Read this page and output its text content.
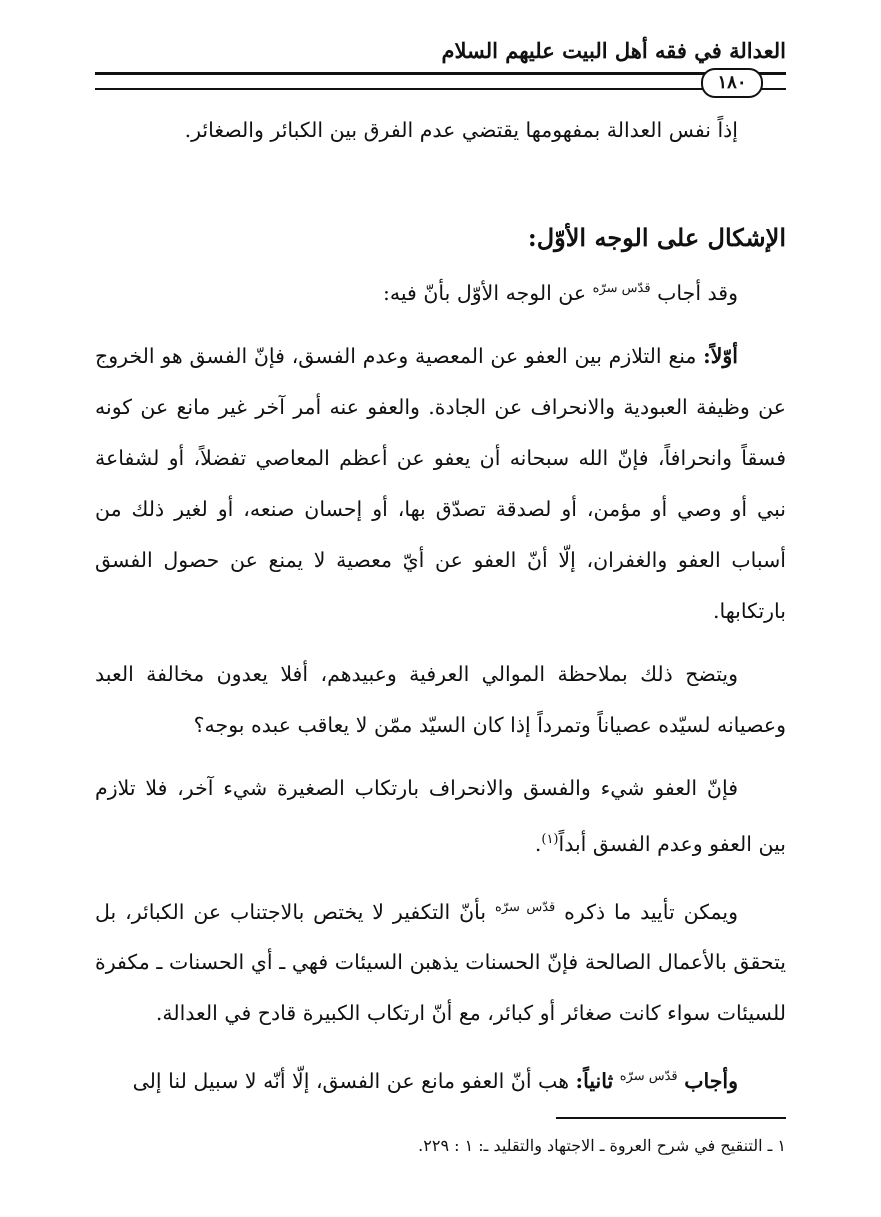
العدالة في فقه أهل البيت عليهم السلام
١٨٠

إذاً نفس العدالة بمفهومها يقتضي عدم الفرق بين الكبائر والصغائر.

الإشكال على الوجه الأوّل:

وقد أجاب $^{قدّس سرّه}$ عن الوجه الأوّل بأنّ فيه:

أوّلاً: منع التلازم بين العفو عن المعصية وعدم الفسق، فإنّ الفسق هو الخروج عن وظيفة العبودية والانحراف عن الجادة. والعفو عنه أمر آخر غير مانع عن كونه فسقاً وانحرافاً، فإنّ الله سبحانه أن يعفو عن أعظم المعاصي تفضلاً، أو لشفاعة نبي أو وصي أو مؤمن، أو لصدقة تصدّق بها، أو إحسان صنعه، أو لغير ذلك من أسباب العفو والغفران، إلّا أنّ العفو عن أيّ معصية لا يمنع عن حصول الفسق بارتكابها.

ويتضح ذلك بملاحظة الموالي العرفية وعبيدهم، أفلا يعدون مخالفة العبد وعصيانه لسيّده عصياناً وتمرداً إذا كان السيّد ممّن لا يعاقب عبده بوجه؟

فإنّ العفو شيء والفسق والانحراف بارتكاب الصغيرة شيء آخر، فلا تلازم بين العفو وعدم الفسق أبداً$^{(١)}$.

ويمكن تأييد ما ذكره $^{قدّس سرّه}$ بأنّ التكفير لا يختص بالاجتناب عن الكبائر، بل يتحقق بالأعمال الصالحة فإنّ الحسنات يذهبن السيئات فهي ـ أي الحسنات ـ مكفرة للسيئات سواء كانت صغائر أو كبائر، مع أنّ ارتكاب الكبيرة قادح في العدالة.

وأجاب $^{قدّس سرّه}$ ثانياً: هب أنّ العفو مانع عن الفسق، إلّا أنّه لا سبيل لنا إلى

١ ـ التنقيح في شرح العروة ـ الاجتهاد والتقليد ـ: ١ : ٢٢٩.
